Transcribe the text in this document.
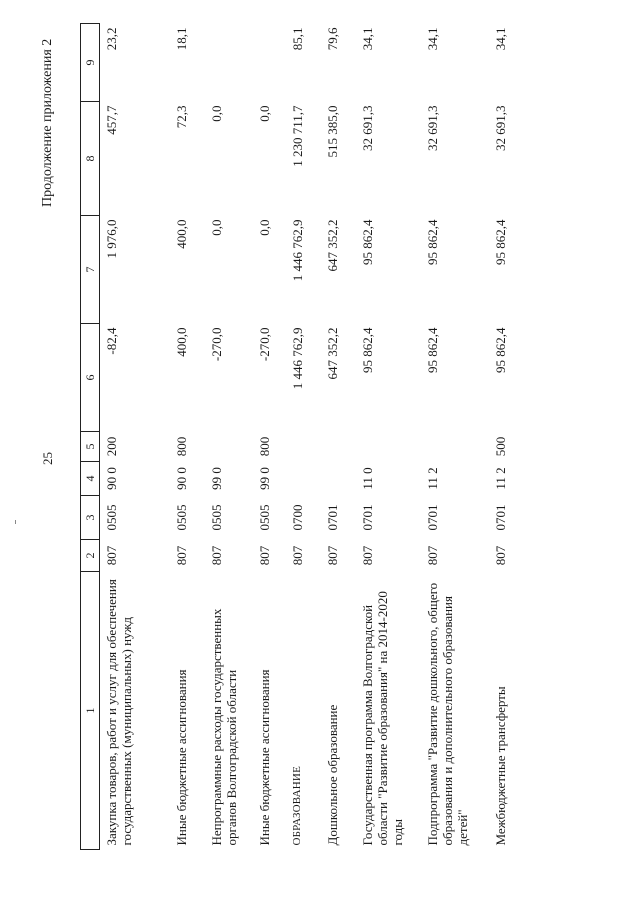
25
Продолжение приложения 2
1	2	3	4	5	6	7	8	9
Закупка товаров, работ и услуг для обеспечения государственных (муниципальных) нужд	807	0505	90 0	200	-82,4	1 976,0	457,7	23,2
Иные бюджетные ассигнования	807	0505	90 0	800	400,0	400,0	72,3	18,1
Непрограммные расходы государственных органов Волгоградской области	807	0505	99 0		-270,0	0,0	0,0	
Иные бюджетные ассигнования	807	0505	99 0	800	-270,0	0,0	0,0	
ОБРАЗОВАНИЕ	807	0700			1 446 762,9	1 446 762,9	1 230 711,7	85,1
Дошкольное образование	807	0701			647 352,2	647 352,2	515 385,0	79,6
Государственная программа Волгоградской области "Развитие образования" на 2014-2020 годы	807	0701	11 0		95 862,4	95 862,4	32 691,3	34,1
Подпрограмма "Развитие дошкольного, общего образования и дополнительного образования детей"	807	0701	11 2		95 862,4	95 862,4	32 691,3	34,1
Межбюджетные трансферты	807	0701	11 2	500	95 862,4	95 862,4	32 691,3	34,1
